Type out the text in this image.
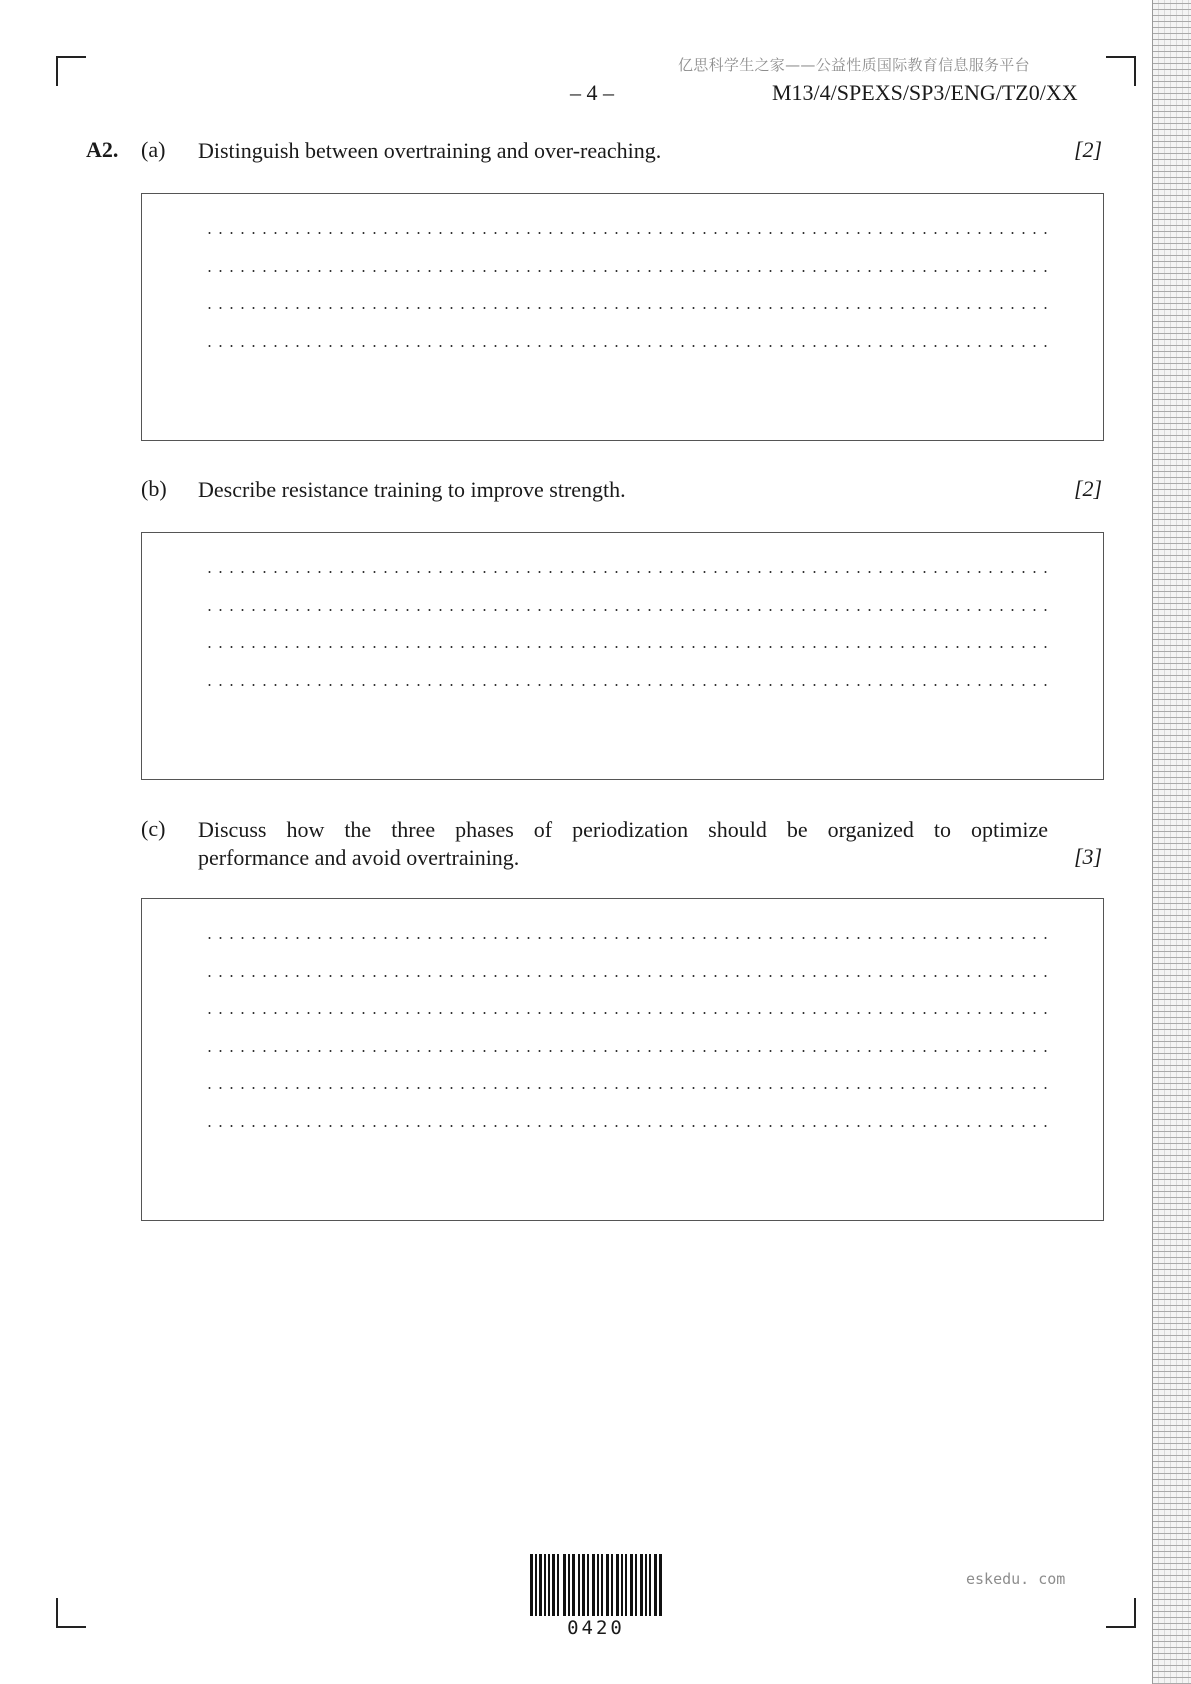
亿思科学生之家——公益性质国际教育信息服务平台
– 4 –	M13/4/SPEXS/SP3/ENG/TZ0/XX
A2. (a) Distinguish between overtraining and over-reaching.	[2]
(b) Describe resistance training to improve strength.	[2]
(c) Discuss how the three phases of periodization should be organized to optimize
performance and avoid overtraining.	[3]
0420
eskedu. com
